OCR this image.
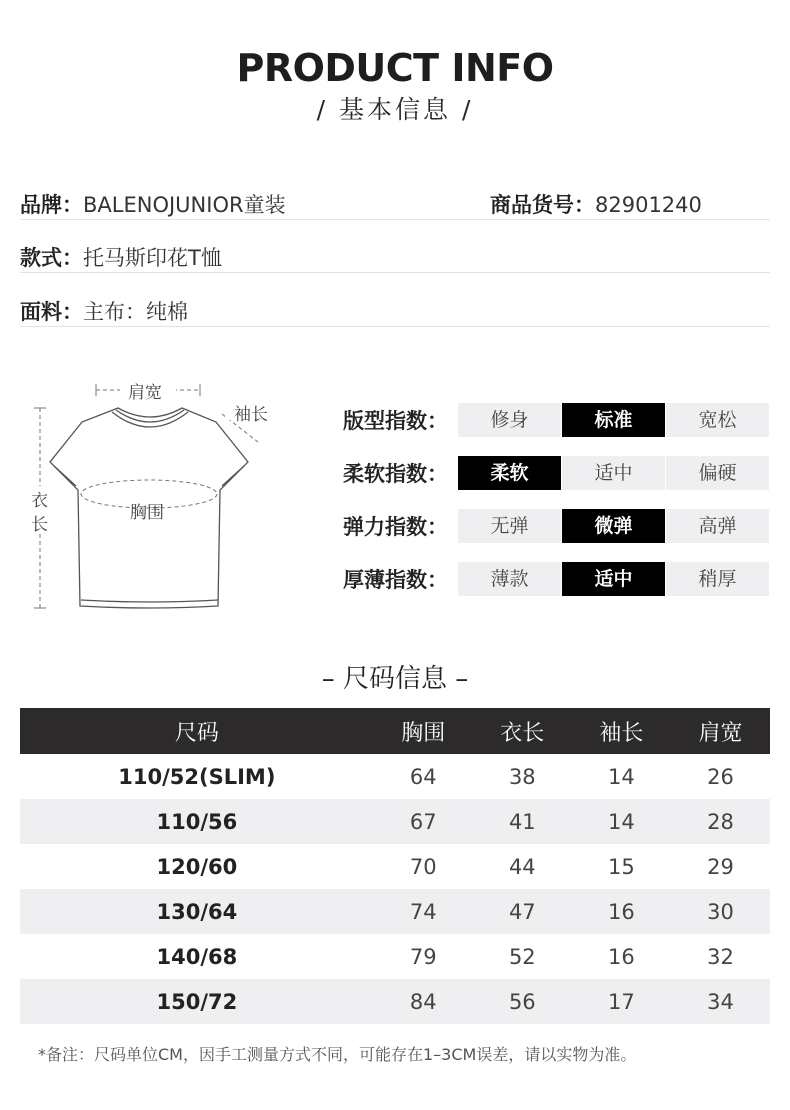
PRODUCT INFO
/ 基本信息 /
品牌：BALENOJUNIOR童装	商品货号：82901240
款式：托马斯印花T恤
面料：主布：纯棉
肩宽
袖长
衣
长
胸围
版型指数：	修身	标准	宽松
柔软指数：	柔软	适中	偏硬
弹力指数：	无弹	微弹	高弹
厚薄指数：	薄款	适中	稍厚
– 尺码信息 –
尺码	胸围	衣长	袖长	肩宽
110/52(SLIM)	64	38	14	26
110/56	67	41	14	28
120/60	70	44	15	29
130/64	74	47	16	30
140/68	79	52	16	32
150/72	84	56	17	34
*备注：尺码单位CM，因手工测量方式不同，可能存在1–3CM误差，请以实物为准。
